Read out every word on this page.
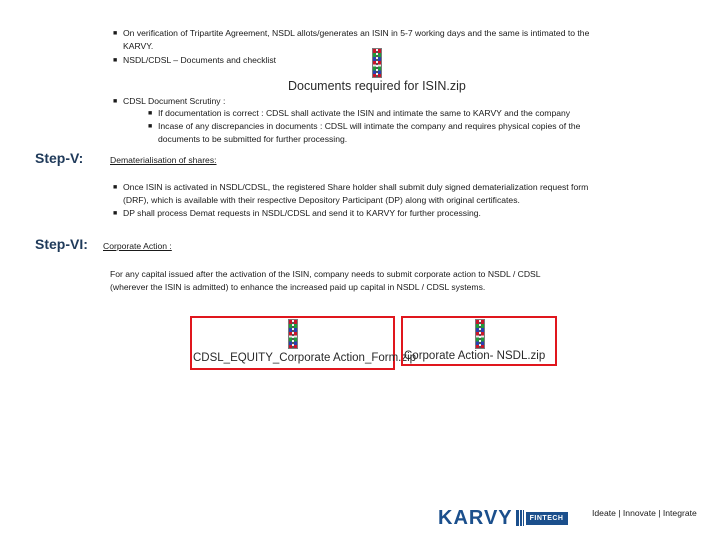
■ On verification of Tripartite Agreement, NSDL allots/generates an ISIN in 5-7 working days and the same is intimated to the
KARVY.
■ NSDL/CDSL – Documents and checklist
Documents required for ISIN.zip
■ CDSL Document Scrutiny :
■ If documentation is correct : CDSL shall activate the ISIN and intimate the same to KARVY and the company
■ Incase of any discrepancies in documents : CDSL will intimate the company and requires physical copies of the
documents to be submitted for further processing.
Step-V:	Dematerialisation of shares:
■ Once ISIN is activated in NSDL/CDSL, the registered Share holder shall submit duly signed dematerialization request form
(DRF), which is available with their respective Depository Participant (DP) along with original certificates.
■ DP shall process Demat requests in NSDL/CDSL and send it to KARVY for further processing.
Step-VI: Corporate Action :
For any capital issued after the activation of the ISIN, company needs to submit corporate action to NSDL / CDSL
(wherever the ISIN is admitted) to enhance the increased paid up capital in NSDL / CDSL systems.
CDSL_EQUITY_Corporate Action_Form.zip
Corporate Action- NSDL.zip
KARVY	FINTECH	Ideate | Innovate | Integrate
